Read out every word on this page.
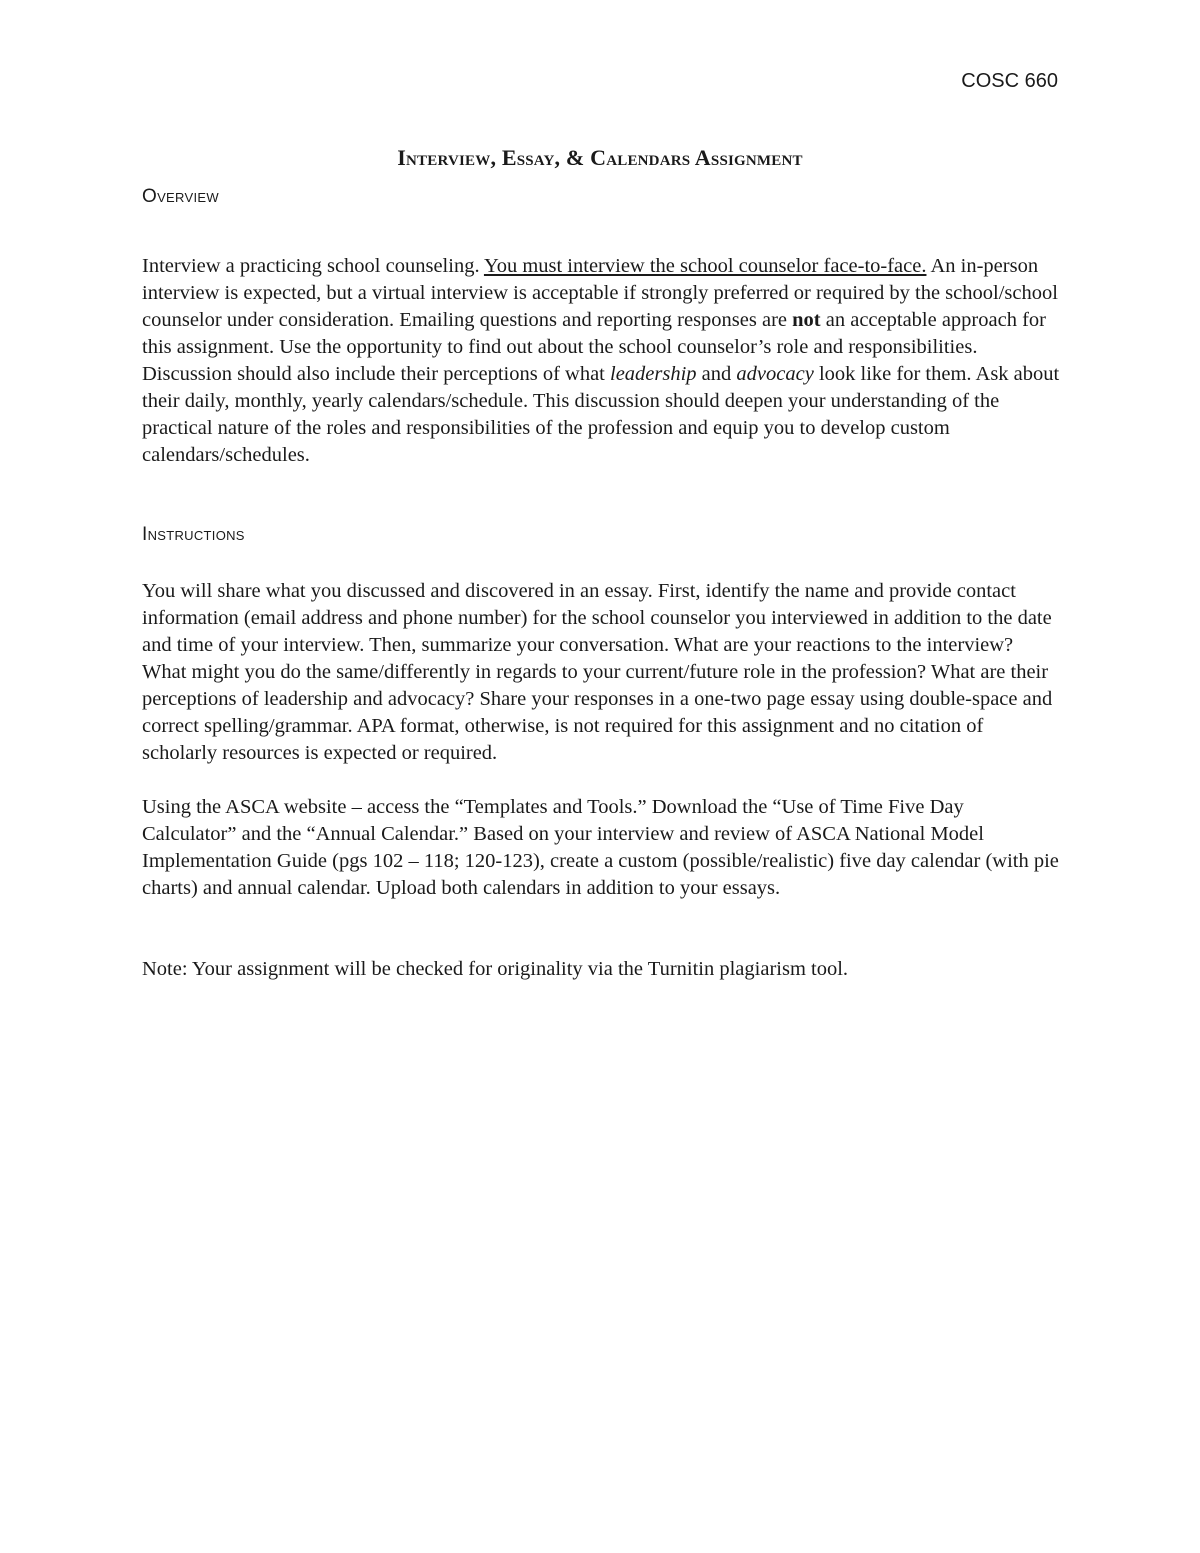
COSC 660
Interview, Essay, & Calendars Assignment
Overview

Interview a practicing school counseling. You must interview the school counselor face-to-face. An in-person interview is expected, but a virtual interview is acceptable if strongly preferred or required by the school/school counselor under consideration. Emailing questions and reporting responses are not an acceptable approach for this assignment. Use the opportunity to find out about the school counselor’s role and responsibilities. Discussion should also include their perceptions of what leadership and advocacy look like for them. Ask about their daily, monthly, yearly calendars/schedule. This discussion should deepen your understanding of the practical nature of the roles and responsibilities of the profession and equip you to develop custom calendars/schedules.

Instructions

You will share what you discussed and discovered in an essay. First, identify the name and provide contact information (email address and phone number) for the school counselor you interviewed in addition to the date and time of your interview. Then, summarize your conversation. What are your reactions to the interview? What might you do the same/differently in regards to your current/future role in the profession? What are their perceptions of leadership and advocacy? Share your responses in a one-two page essay using double-space and correct spelling/grammar. APA format, otherwise, is not required for this assignment and no citation of scholarly resources is expected or required.

Using the ASCA website – access the “Templates and Tools.” Download the “Use of Time Five Day Calculator” and the “Annual Calendar.” Based on your interview and review of ASCA National Model Implementation Guide (pgs 102 – 118; 120-123), create a custom (possible/realistic) five day calendar (with pie charts) and annual calendar. Upload both calendars in addition to your essays.

Note: Your assignment will be checked for originality via the Turnitin plagiarism tool.
